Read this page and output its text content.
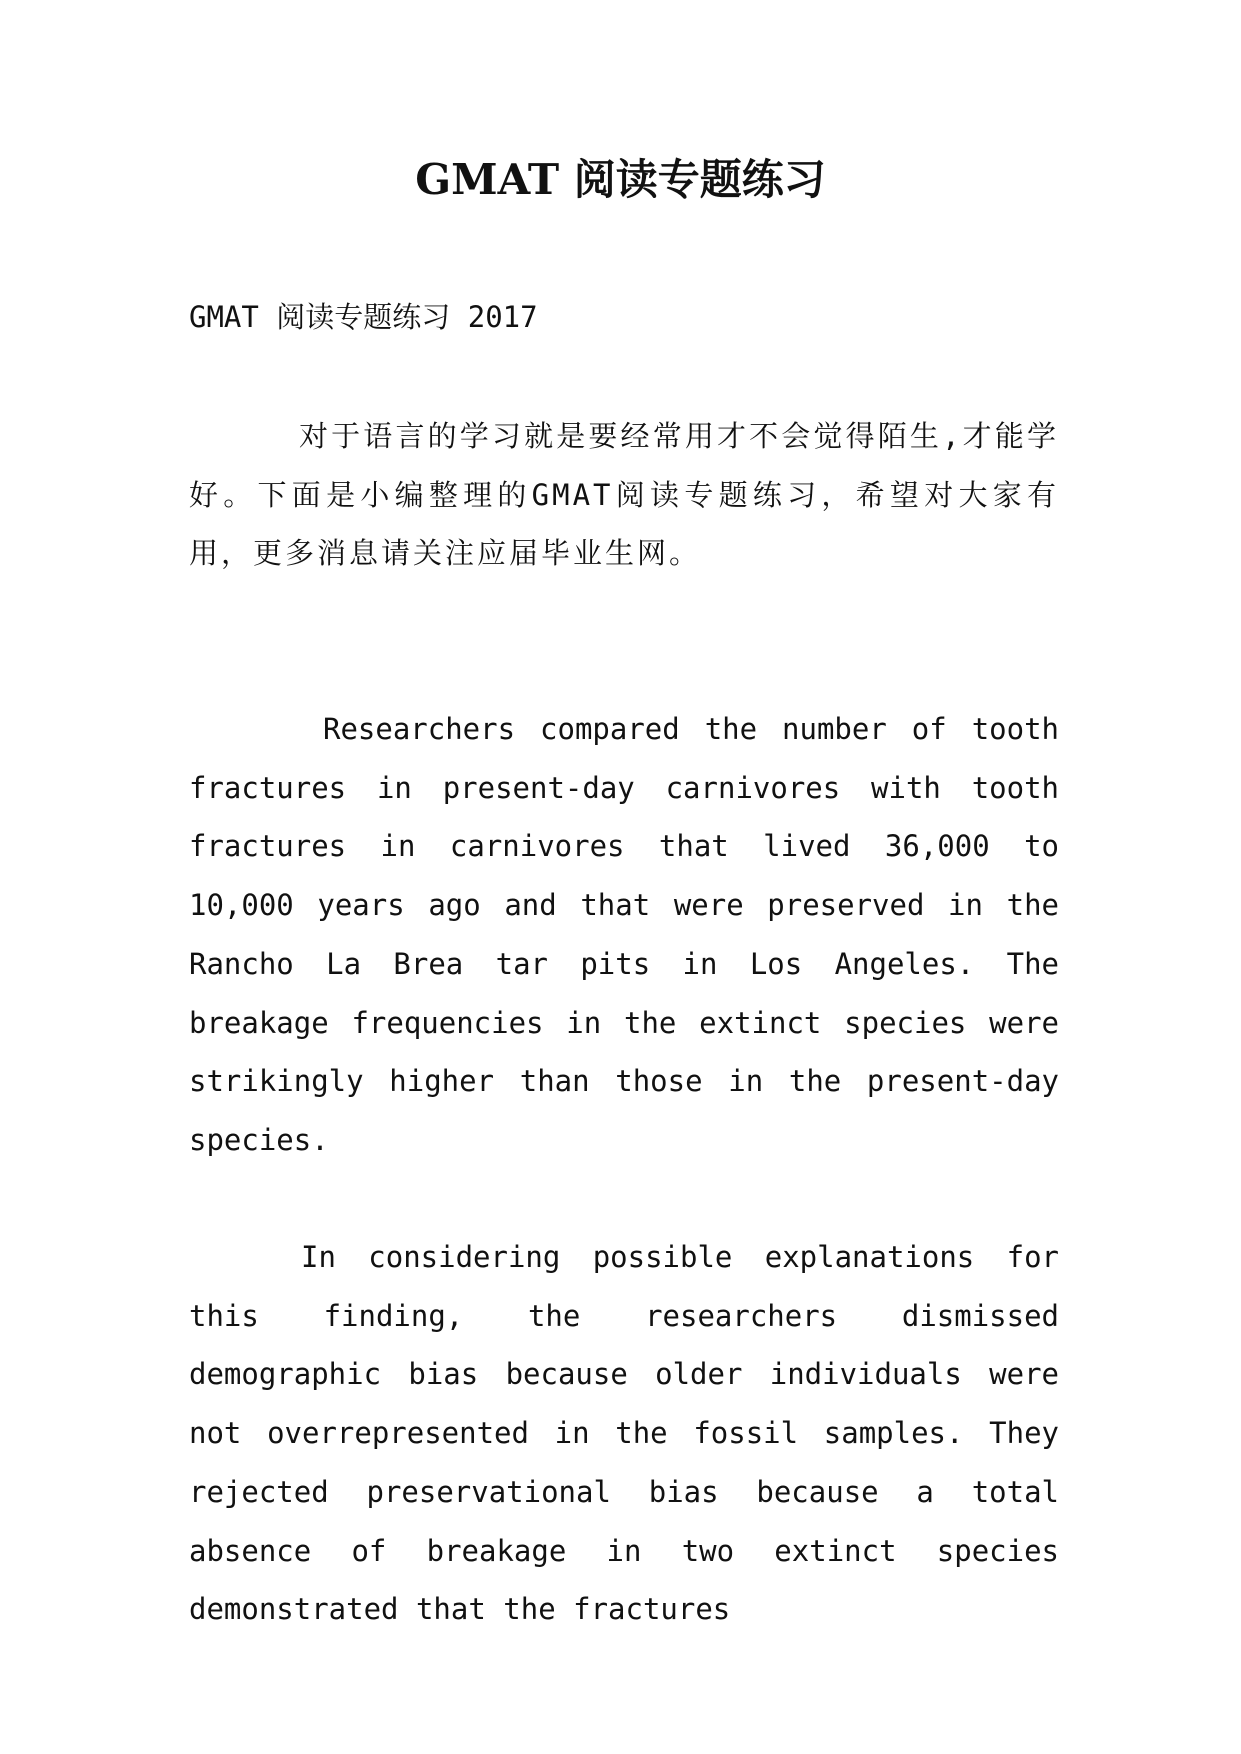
GMAT 阅读专题练习

GMAT 阅读专题练习 2017

对于语言的学习就是要经常用才不会觉得陌生,才能学好。下面是小编整理的GMAT阅读专题练习，希望对大家有用，更多消息请关注应届毕业生网。

Researchers compared the number of tooth fractures in present-day carnivores with tooth fractures in carnivores that lived 36,000 to 10,000 years ago and that were preserved in the Rancho La Brea tar pits in Los Angeles. The breakage frequencies in the extinct species were strikingly higher than those in the present-day species.

In considering possible explanations for this finding, the researchers dismissed demographic bias because older individuals were not overrepresented in the fossil samples. They rejected preservational bias because a total absence of breakage in two extinct species demonstrated that the fractures
